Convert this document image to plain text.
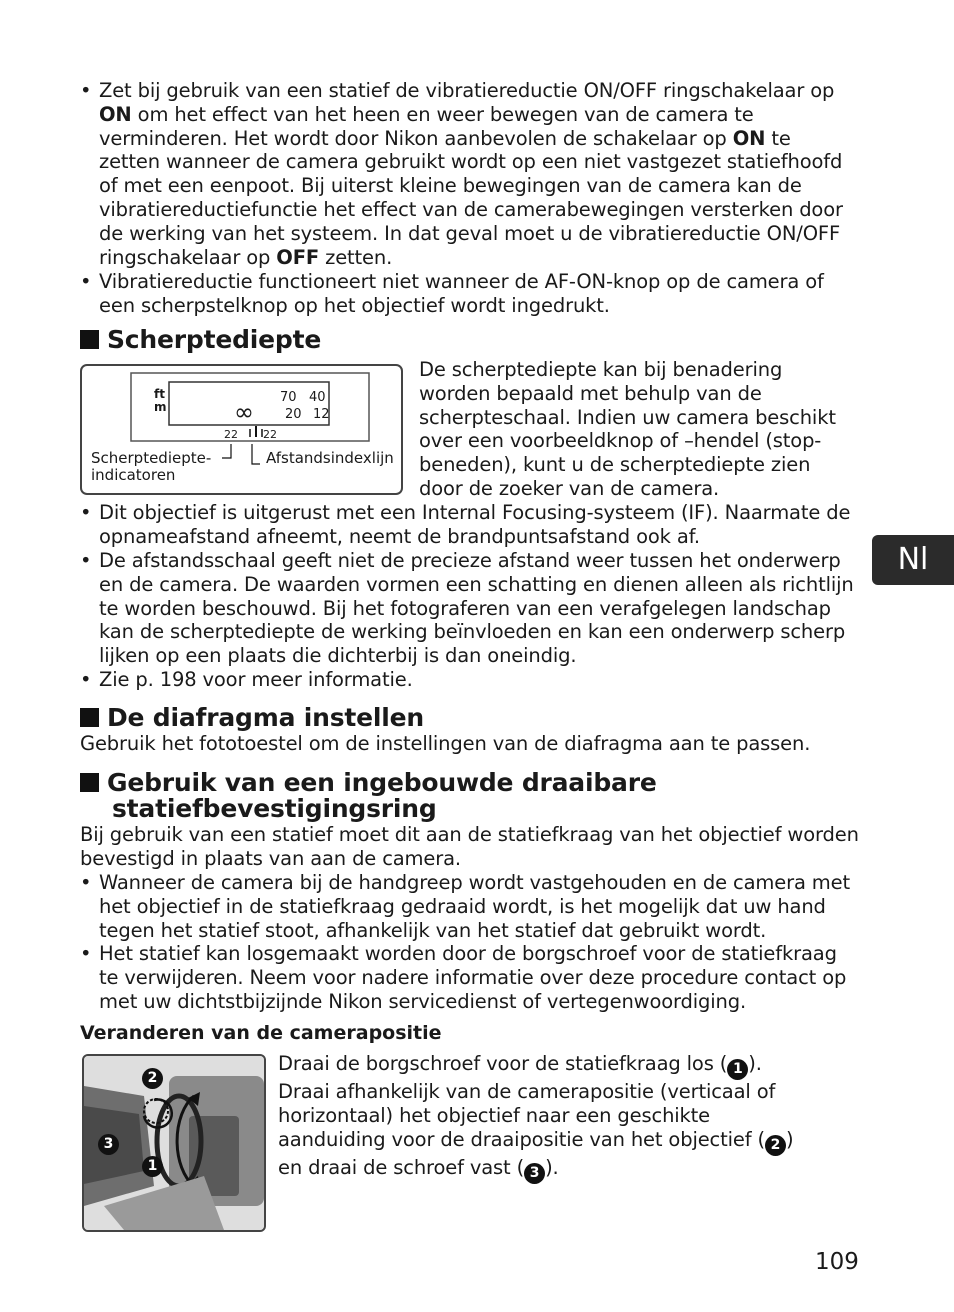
• Zet bij gebruik van een statief de vibratiereductie ON/OFF ringschakelaar op ON om het effect van het heen en weer bewegen van de camera te verminderen. Het wordt door Nikon aanbevolen de schakelaar op ON te zetten wanneer de camera gebruikt wordt op een niet vastgezet statiefhoofd of met een eenpoot. Bij uiterst kleine bewegingen van de camera kan de vibratiereductiefunctie het effect van de camerabewegingen versterken door de werking van het systeem. In dat geval moet u de vibratiereductie ON/OFF ringschakelaar op OFF zetten.
• Vibratiereductie functioneert niet wanneer de AF-ON-knop op de camera of een scherpstelknop op het objectief wordt ingedrukt.
Scherptediepte
ft
m
70 40
∞ 20 12
22 22
Scherptediepte-
indicatoren
Afstandsindexlijn
De scherptediepte kan bij benadering worden bepaald met behulp van de scherpteschaal. Indien uw camera beschikt over een voorbeeldknop of –hendel (stop-beneden), kunt u de scherptediepte zien door de zoeker van de camera.
• Dit objectief is uitgerust met een Internal Focusing-systeem (IF). Naarmate de opnameafstand afneemt, neemt de brandpuntsafstand ook af.
• De afstandsschaal geeft niet de precieze afstand weer tussen het onderwerp en de camera. De waarden vormen een schatting en dienen alleen als richtlijn te worden beschouwd. Bij het fotograferen van een verafgelegen landschap kan de scherptediepte de werking beïnvloeden en kan een onderwerp scherp lijken op een plaats die dichterbij is dan oneindig.
• Zie p. 198 voor meer informatie.
De diafragma instellen
Gebruik het fototoestel om de instellingen van de diafragma aan te passen.
Gebruik van een ingebouwde draaibare
statiefbevestigingsring
Bij gebruik van een statief moet dit aan de statiefkraag van het objectief worden bevestigd in plaats van aan de camera.
• Wanneer de camera bij de handgreep wordt vastgehouden en de camera met het objectief in de statiefkraag gedraaid wordt, is het mogelijk dat uw hand tegen het statief stoot, afhankelijk van het statief dat gebruikt wordt.
• Het statief kan losgemaakt worden door de borgschroef voor de statiefkraag te verwijderen. Neem voor nadere informatie over deze procedure contact op met uw dichtstbijzijnde Nikon servicedienst of vertegenwoordiging.
Veranderen van de camerapositie
2
3
1
Draai de borgschroef voor de statiefkraag los ( 1 ).
Draai afhankelijk van de camerapositie (verticaal of
horizontaal) het objectief naar een geschikte
aanduiding voor de draaipositie van het objectief ( 2 )
en draai de schroef vast ( 3 ).
Nl
109
